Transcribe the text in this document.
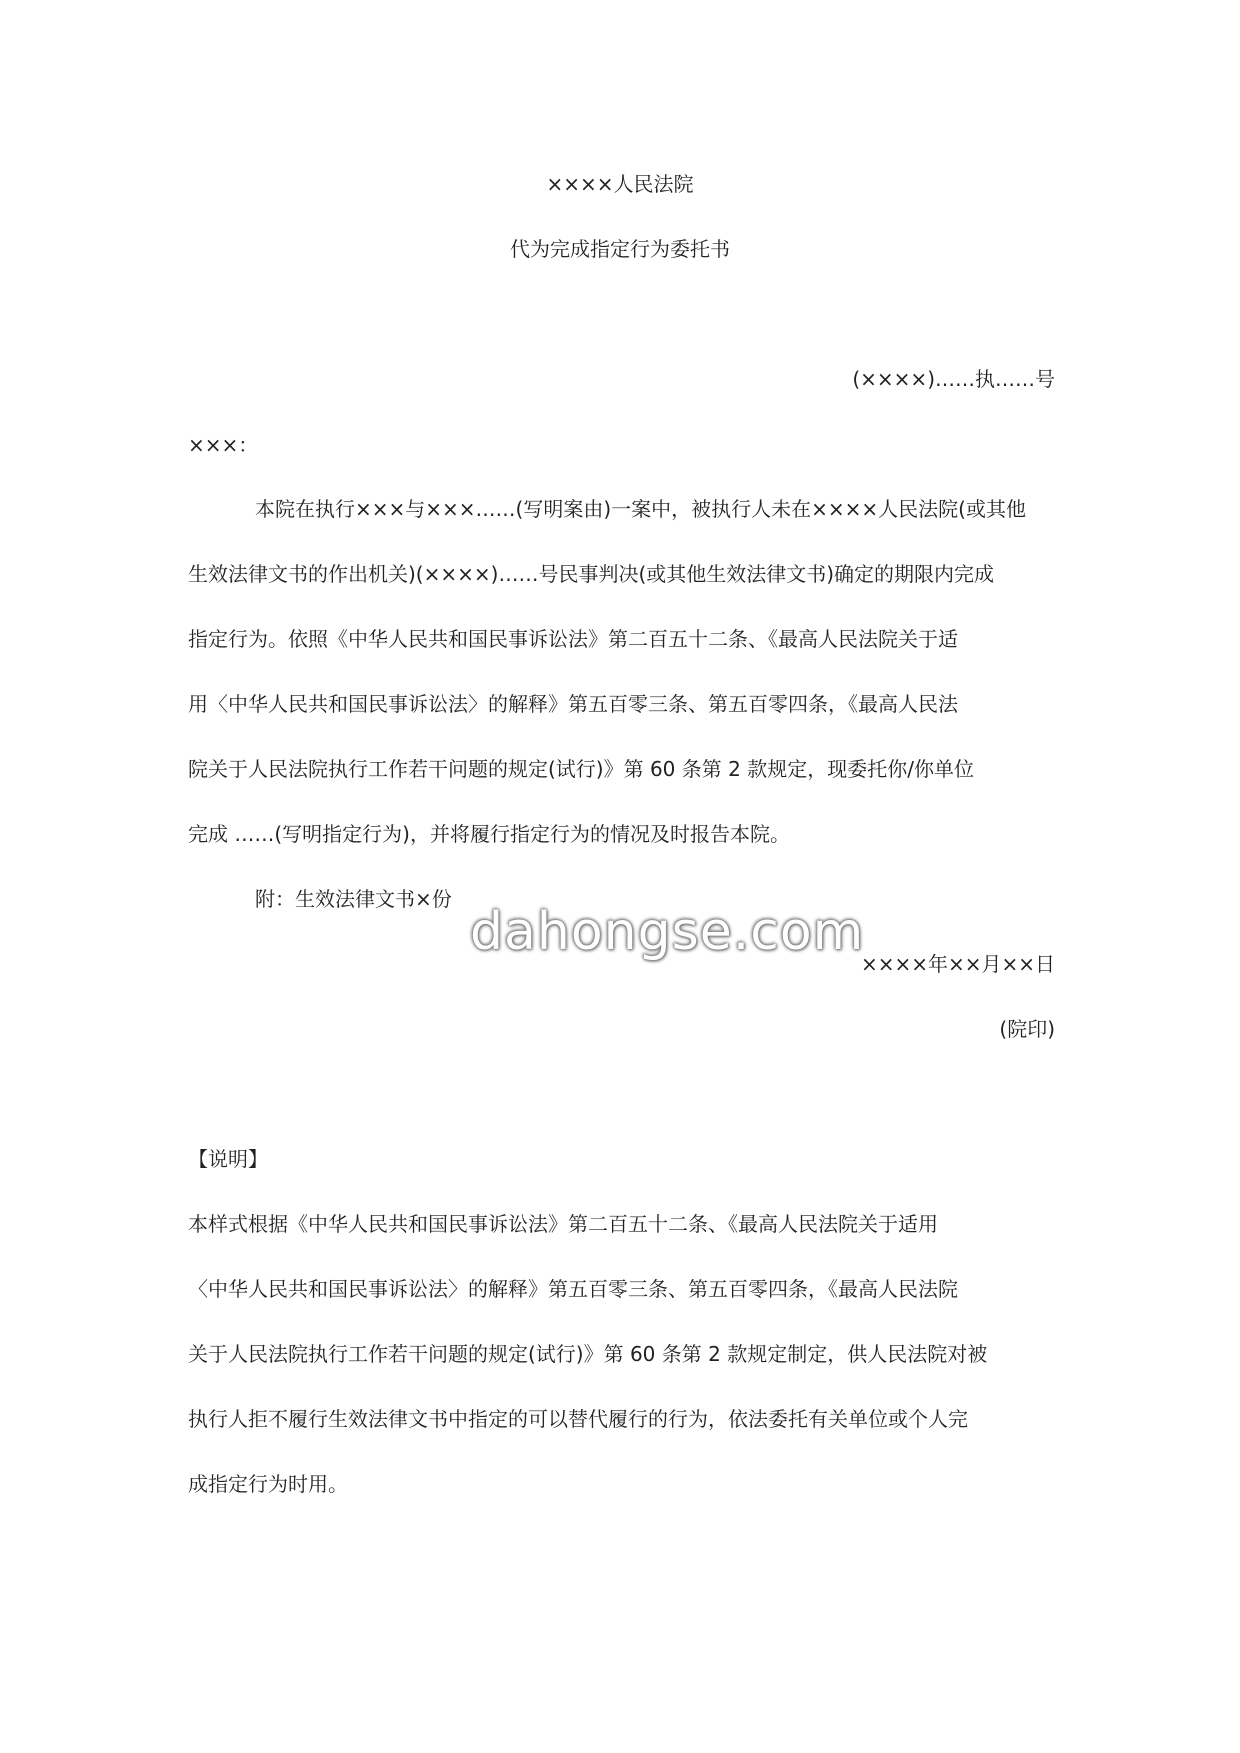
××××人民法院

代为完成指定行为委托书

(××××)……执……号

×××：

本院在执行×××与×××……(写明案由)一案中，被执行人未在××××人民法院(或其他

生效法律文书的作出机关)(××××)……号民事判决(或其他生效法律文书)确定的期限内完成

指定行为。依照《中华人民共和国民事诉讼法》第二百五十二条、《最高人民法院关于适

用〈中华人民共和国民事诉讼法〉的解释》第五百零三条、第五百零四条，《最高人民法

院关于人民法院执行工作若干问题的规定(试行)》第 60 条第 2 款规定，现委托你/你单位

完成 ……(写明指定行为)，并将履行指定行为的情况及时报告本院。

附：生效法律文书×份

××××年××月××日

(院印)

【说明】

本样式根据《中华人民共和国民事诉讼法》第二百五十二条、《最高人民法院关于适用

〈中华人民共和国民事诉讼法〉的解释》第五百零三条、第五百零四条，《最高人民法院

关于人民法院执行工作若干问题的规定(试行)》第 60 条第 2 款规定制定，供人民法院对被

执行人拒不履行生效法律文书中指定的可以替代履行的行为，依法委托有关单位或个人完

成指定行为时用。

dahongse.com
